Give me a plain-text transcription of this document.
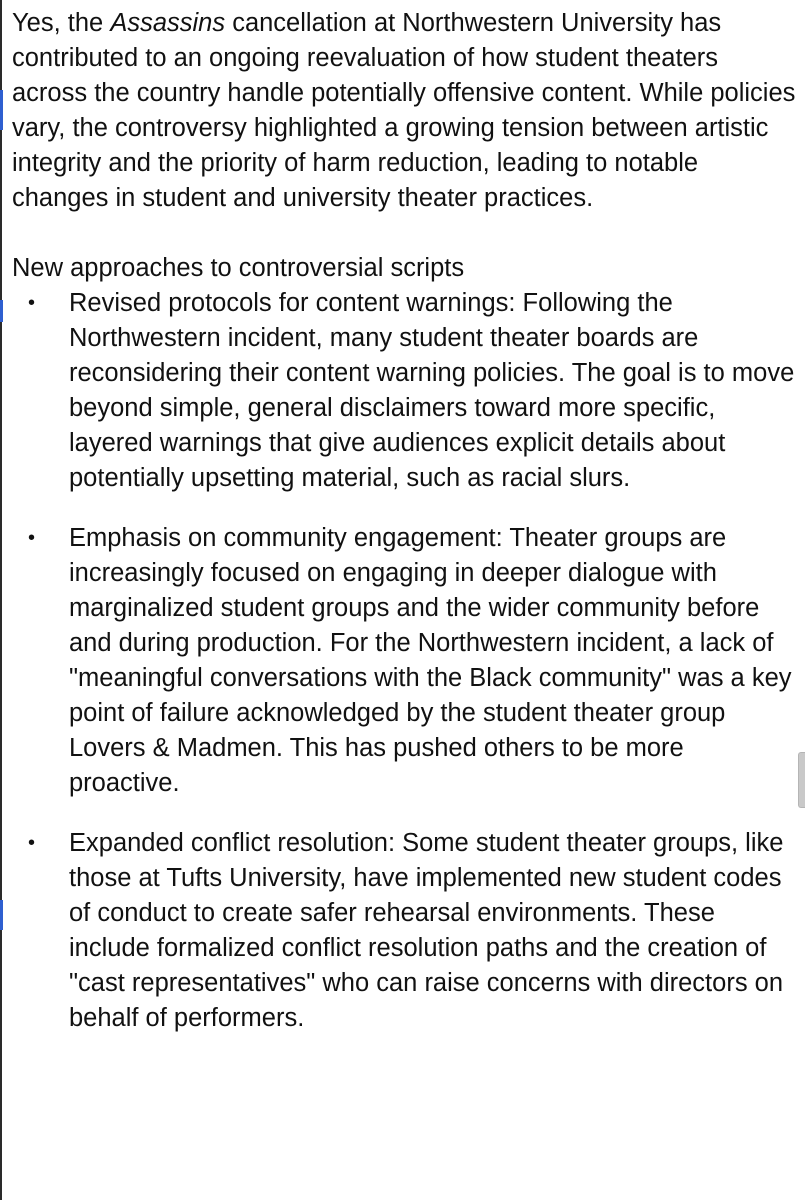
Yes, the Assassins cancellation at Northwestern University has contributed to an ongoing reevaluation of how student theaters across the country handle potentially offensive content. While policies vary, the controversy highlighted a growing tension between artistic integrity and the priority of harm reduction, leading to notable changes in student and university theater practices.

New approaches to controversial scripts

• Revised protocols for content warnings: Following the Northwestern incident, many student theater boards are reconsidering their content warning policies. The goal is to move beyond simple, general disclaimers toward more specific, layered warnings that give audiences explicit details about potentially upsetting material, such as racial slurs.
• Emphasis on community engagement: Theater groups are increasingly focused on engaging in deeper dialogue with marginalized student groups and the wider community before and during production. For the Northwestern incident, a lack of "meaningful conversations with the Black community" was a key point of failure acknowledged by the student theater group Lovers & Madmen. This has pushed others to be more proactive.
• Expanded conflict resolution: Some student theater groups, like those at Tufts University, have implemented new student codes of conduct to create safer rehearsal environments. These include formalized conflict resolution paths and the creation of "cast representatives" who can raise concerns with directors on behalf of performers.
